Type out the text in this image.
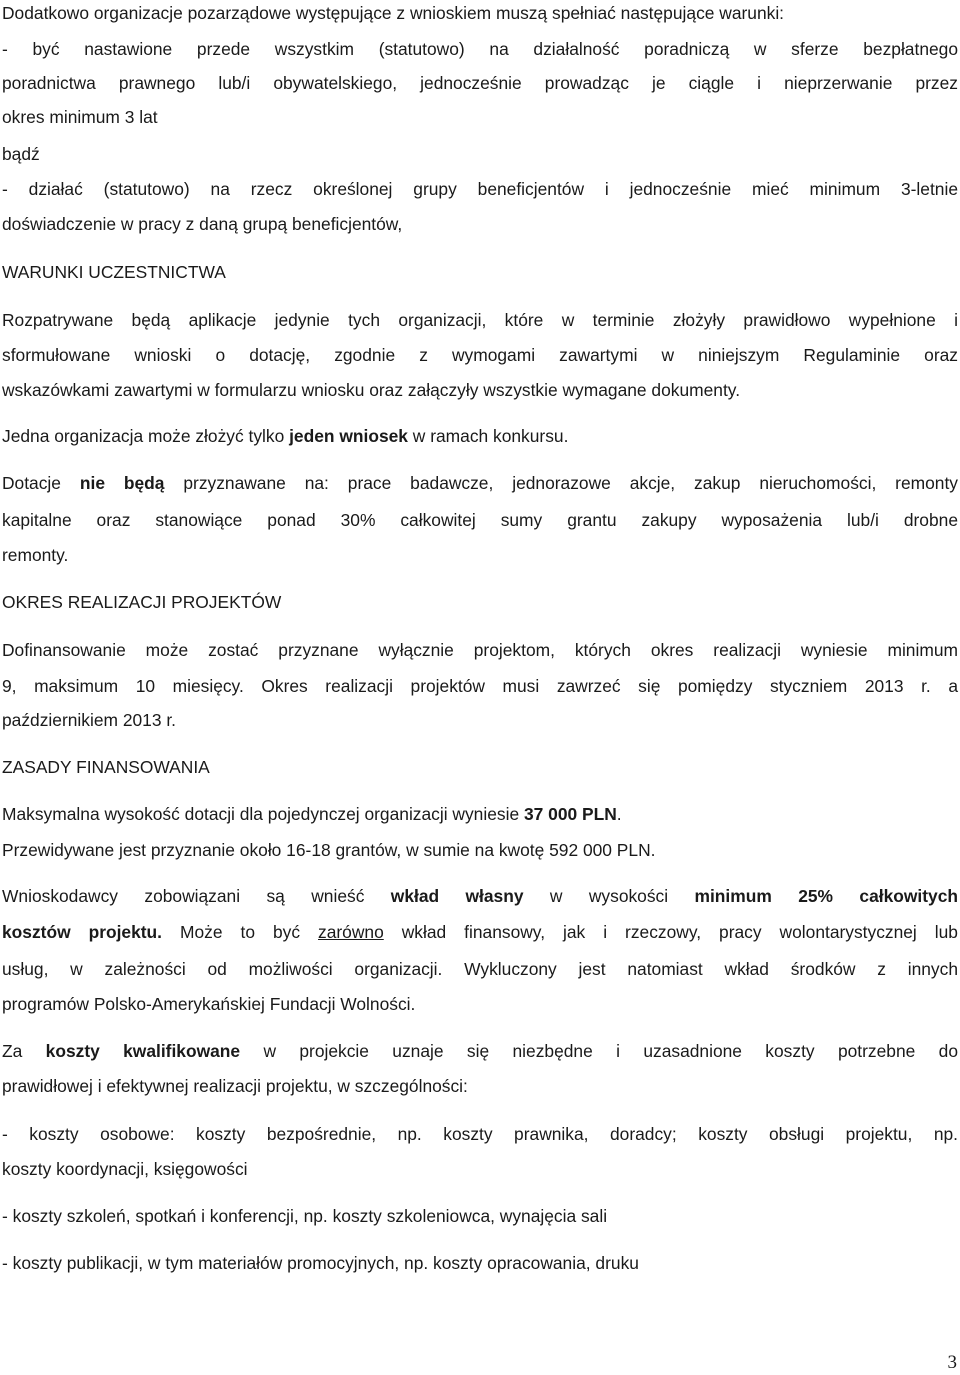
Dodatkowo organizacje pozarządowe występujące z wnioskiem muszą spełniać następujące warunki:
- być nastawione przede wszystkim (statutowo) na działalność poradniczą w sferze bezpłatnego
poradnictwa prawnego lub/i obywatelskiego, jednocześnie prowadząc je ciągle i nieprzerwanie przez
okres minimum 3 lat
bądź
- działać (statutowo) na rzecz określonej grupy beneficjentów i jednocześnie mieć minimum 3-letnie
doświadczenie w pracy z daną grupą beneficjentów,
WARUNKI UCZESTNICTWA
Rozpatrywane będą aplikacje jedynie tych organizacji, które w terminie złożyły prawidłowo wypełnione i
sformułowane wnioski o dotację, zgodnie z wymogami zawartymi w niniejszym Regulaminie oraz
wskazówkami zawartymi w formularzu wniosku oraz załączyły wszystkie wymagane dokumenty.
Jedna organizacja może złożyć tylko jeden wniosek w ramach konkursu.
Dotacje nie będą przyznawane na: prace badawcze, jednorazowe akcje, zakup nieruchomości, remonty
kapitalne oraz stanowiące ponad 30% całkowitej sumy grantu zakupy wyposażenia lub/i drobne
remonty.
OKRES REALIZACJI PROJEKTÓW
Dofinansowanie może zostać przyznane wyłącznie projektom, których okres realizacji wyniesie minimum
9, maksimum 10 miesięcy. Okres realizacji projektów musi zawrzeć się pomiędzy styczniem 2013 r. a
październikiem 2013 r.
ZASADY FINANSOWANIA
Maksymalna wysokość dotacji dla pojedynczej organizacji wyniesie 37 000 PLN.
Przewidywane jest przyznanie około 16-18 grantów, w sumie na kwotę 592 000 PLN.
Wnioskodawcy zobowiązani są wnieść wkład własny w wysokości minimum 25% całkowitych
kosztów projektu. Może to być zarówno wkład finansowy, jak i rzeczowy, pracy wolontarystycznej lub
usług, w zależności od możliwości organizacji. Wykluczony jest natomiast wkład środków z innych
programów Polsko-Amerykańskiej Fundacji Wolności.
Za koszty kwalifikowane w projekcie uznaje się niezbędne i uzasadnione koszty potrzebne do
prawidłowej i efektywnej realizacji projektu, w szczególności:
- koszty osobowe: koszty bezpośrednie, np. koszty prawnika, doradcy; koszty obsługi projektu, np.
koszty koordynacji, księgowości
- koszty szkoleń, spotkań i konferencji, np. koszty szkoleniowca, wynajęcia sali
- koszty publikacji, w tym materiałów promocyjnych, np. koszty opracowania, druku
3
